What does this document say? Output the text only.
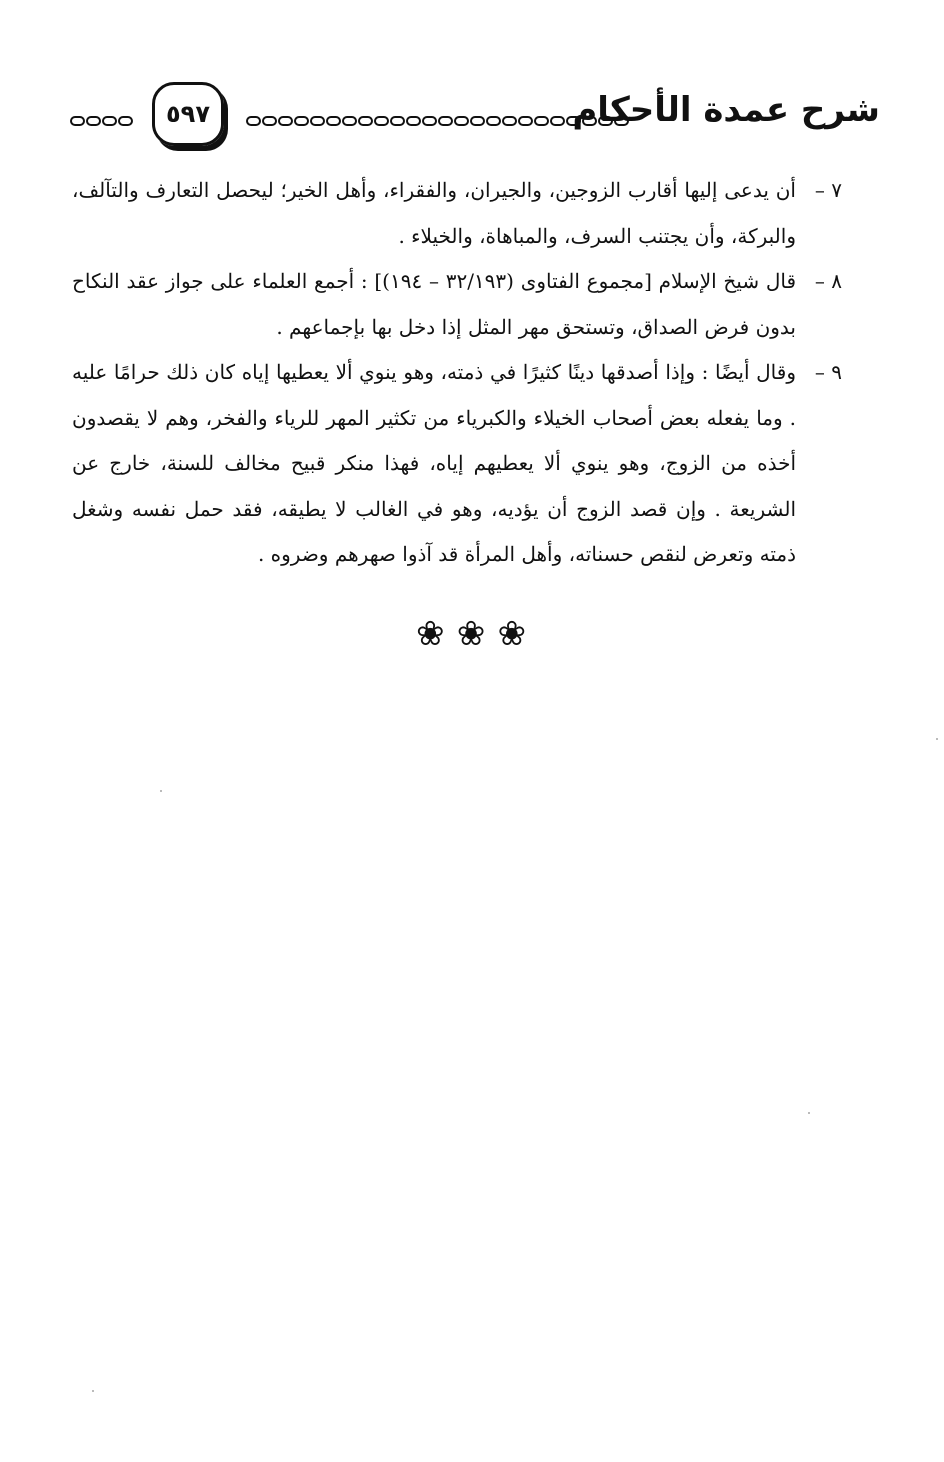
٥٩٧	شرح عمدة الأحكام

٧ –
أن يدعى إليها أقارب الزوجين، والجيران، والفقراء، وأهل الخير؛ ليحصل التعارف والتآلف، والبركة، وأن يجتنب السرف، والمباهاة، والخيلاء .

٨ –
قال شيخ الإسلام [مجموع الفتاوى (٣٢/١٩٣ – ١٩٤)] : أجمع العلماء على جواز عقد النكاح بدون فرض الصداق، وتستحق مهر المثل إذا دخل بها بإجماعهم .

٩ –
وقال أيضًا : وإذا أصدقها دينًا كثيرًا في ذمته، وهو ينوي ألا يعطيها إياه كان ذلك حرامًا عليه . وما يفعله بعض أصحاب الخيلاء والكبرياء من تكثير المهر للرياء والفخر، وهم لا يقصدون أخذه من الزوج، وهو ينوي ألا يعطيهم إياه، فهذا منكر قبيح مخالف للسنة، خارج عن الشريعة . وإن قصد الزوج أن يؤديه، وهو في الغالب لا يطيقه، فقد حمل نفسه وشغل ذمته وتعرض لنقص حسناته، وأهل المرأة قد آذوا صهرهم وضروه .

❀ ❀ ❀
